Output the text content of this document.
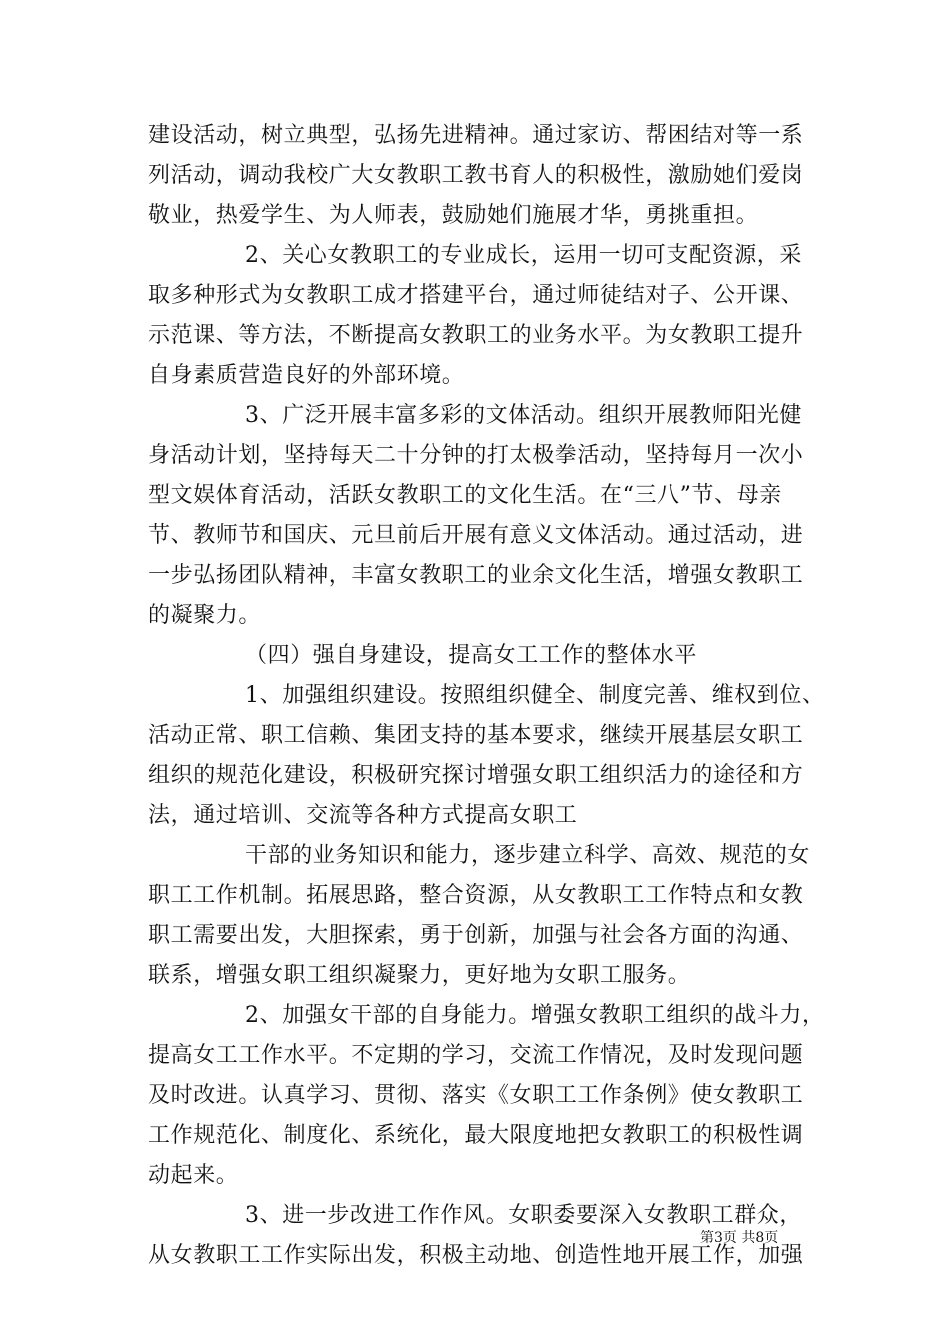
建设活动，树立典型，弘扬先进精神。通过家访、帮困结对等一系
列活动，调动我校广大女教职工教书育人的积极性，激励她们爱岗
敬业，热爱学生、为人师表，鼓励她们施展才华，勇挑重担。
2、关心女教职工的专业成长，运用一切可支配资源，采
取多种形式为女教职工成才搭建平台，通过师徒结对子、公开课、
示范课、等方法，不断提高女教职工的业务水平。为女教职工提升
自身素质营造良好的外部环境。
3、广泛开展丰富多彩的文体活动。组织开展教师阳光健
身活动计划，坚持每天二十分钟的打太极拳活动，坚持每月一次小
型文娱体育活动，活跃女教职工的文化生活。在“三八”节、母亲
节、教师节和国庆、元旦前后开展有意义文体活动。通过活动，进
一步弘扬团队精神，丰富女教职工的业余文化生活，增强女教职工
的凝聚力。
（四）强自身建设，提高女工工作的整体水平
1、加强组织建设。按照组织健全、制度完善、维权到位、
活动正常、职工信赖、集团支持的基本要求，继续开展基层女职工
组织的规范化建设，积极研究探讨增强女职工组织活力的途径和方
法，通过培训、交流等各种方式提高女职工
干部的业务知识和能力，逐步建立科学、高效、规范的女
职工工作机制。拓展思路，整合资源，从女教职工工作特点和女教
职工需要出发，大胆探索，勇于创新，加强与社会各方面的沟通、
联系，增强女职工组织凝聚力，更好地为女职工服务。
2、加强女干部的自身能力。增强女教职工组织的战斗力，
提高女工工作水平。不定期的学习，交流工作情况，及时发现问题
及时改进。认真学习、贯彻、落实《女职工工作条例》使女教职工
工作规范化、制度化、系统化，最大限度地把女教职工的积极性调
动起来。
3、进一步改进工作作风。女职委要深入女教职工群众，
从女教职工工作实际出发，积极主动地、创造性地开展工作，加强
第3页 共8页
